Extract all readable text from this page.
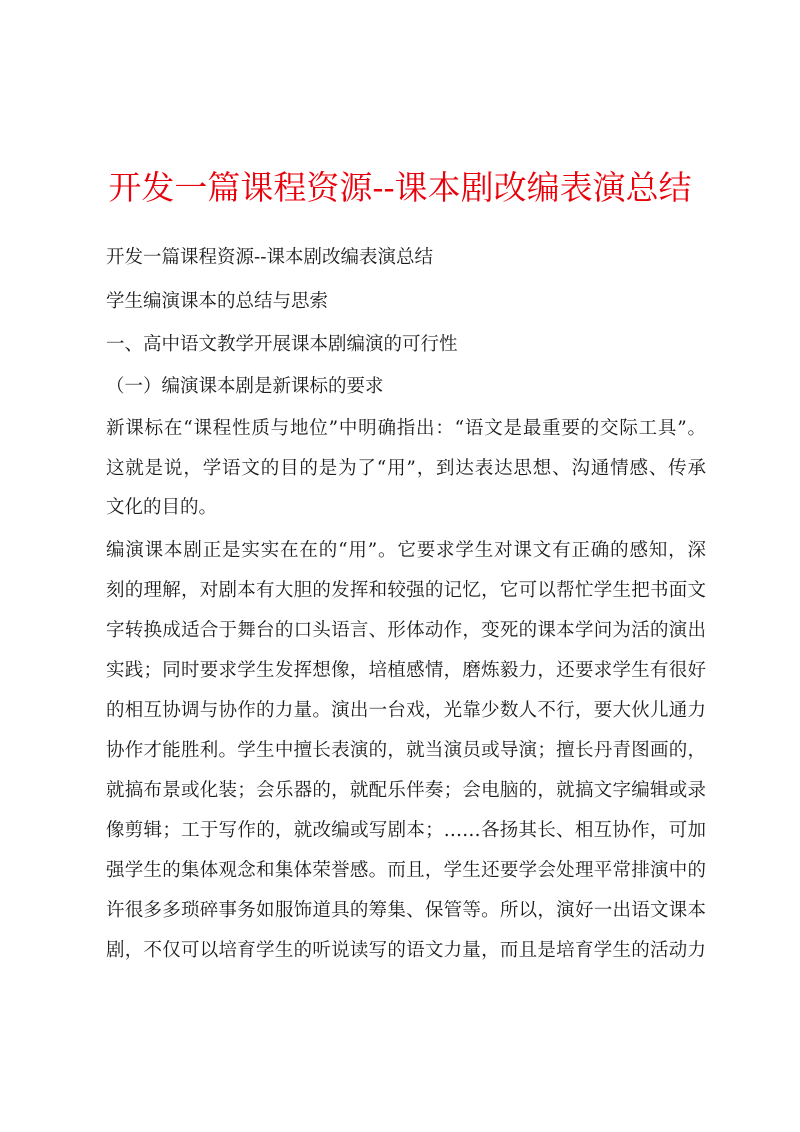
开发一篇课程资源--课本剧改编表演总结
开发一篇课程资源--课本剧改编表演总结
学生编演课本的总结与思索
一、高中语文教学开展课本剧编演的可行性
（一）编演课本剧是新课标的要求
新课标在“课程性质与地位”中明确指出：“语文是最重要的交际工具”。
这就是说，学语文的目的是为了“用”，到达表达思想、沟通情感、传承
文化的目的。
编演课本剧正是实实在在的“用”。它要求学生对课文有正确的感知，深
刻的理解，对剧本有大胆的发挥和较强的记忆，它可以帮忙学生把书面文
字转换成适合于舞台的口头语言、形体动作，变死的课本学问为活的演出
实践；同时要求学生发挥想像，培植感情，磨炼毅力，还要求学生有很好
的相互协调与协作的力量。演出一台戏，光靠少数人不行，要大伙儿通力
协作才能胜利。学生中擅长表演的，就当演员或导演；擅长丹青图画的，
就搞布景或化装；会乐器的，就配乐伴奏；会电脑的，就搞文字编辑或录
像剪辑；工于写作的，就改编或写剧本；……各扬其长、相互协作，可加
强学生的集体观念和集体荣誉感。而且，学生还要学会处理平常排演中的
许很多多琐碎事务如服饰道具的筹集、保管等。所以，演好一出语文课本
剧，不仅可以培育学生的听说读写的语文力量，而且是培育学生的活动力
